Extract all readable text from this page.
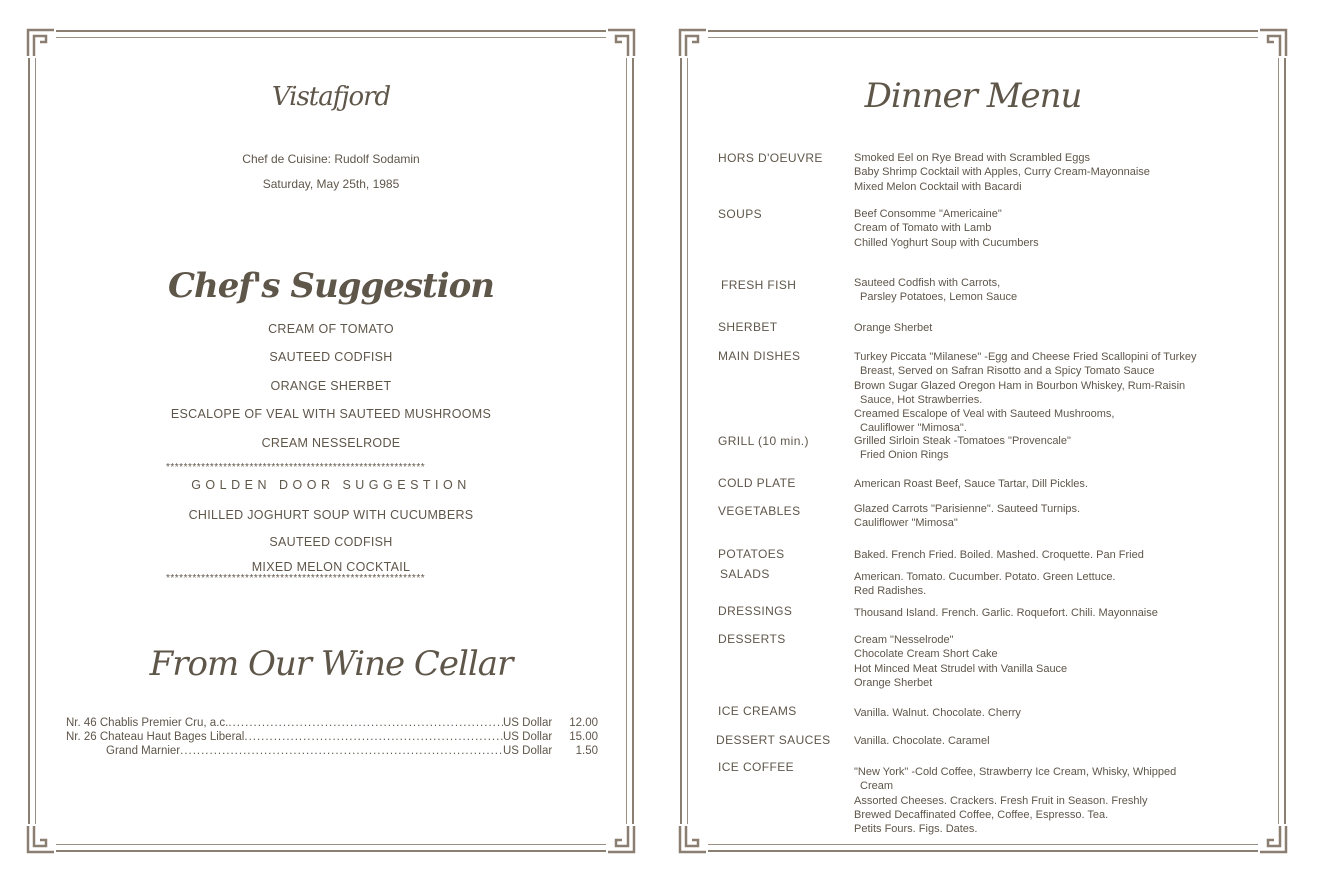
Vistafjord
Chef de Cuisine: Rudolf Sodamin
Saturday, May 25th, 1985
Chef's Suggestion
CREAM OF TOMATO
SAUTEED CODFISH
ORANGE SHERBET
ESCALOPE OF VEAL WITH SAUTEED MUSHROOMS
CREAM NESSELRODE
***********************************************************
GOLDEN DOOR SUGGESTION
CHILLED JOGHURT SOUP WITH CUCUMBERS
SAUTEED CODFISH
MIXED MELON COCKTAIL
***********************************************************
From Our Wine Cellar
Nr. 46 Chablis Premier Cru, a.c. .....	US Dollar 12.00
Nr. 26 Chateau Haut Bages Liberal .....	US Dollar 15.00
Grand Marnier .....	US Dollar 1.50
Dinner Menu
HORS D'OEUVRE	Smoked Eel on Rye Bread with Scrambled Eggs
Baby Shrimp Cocktail with Apples, Curry Cream-Mayonnaise
Mixed Melon Cocktail with Bacardi
SOUPS	Beef Consomme "Americaine"
Cream of Tomato with Lamb
Chilled Yoghurt Soup with Cucumbers
FRESH FISH	Sauteed Codfish with Carrots,
Parsley Potatoes, Lemon Sauce
SHERBET	Orange Sherbet
MAIN DISHES	Turkey Piccata "Milanese" -Egg and Cheese Fried Scallopini of Turkey
Breast, Served on Safran Risotto and a Spicy Tomato Sauce
Brown Sugar Glazed Oregon Ham in Bourbon Whiskey, Rum-Raisin
Sauce, Hot Strawberries.
Creamed Escalope of Veal with Sauteed Mushrooms,
Cauliflower "Mimosa".
GRILL (10 min.)	Grilled Sirloin Steak -Tomatoes "Provencale"
Fried Onion Rings
COLD PLATE	American Roast Beef, Sauce Tartar, Dill Pickles.
VEGETABLES	Glazed Carrots "Parisienne". Sauteed Turnips.
Cauliflower "Mimosa"
POTATOES	Baked. French Fried. Boiled. Mashed. Croquette. Pan Fried
SALADS	American. Tomato. Cucumber. Potato. Green Lettuce.
Red Radishes.
DRESSINGS	Thousand Island. French. Garlic. Roquefort. Chili. Mayonnaise
DESSERTS	Cream "Nesselrode"
Chocolate Cream Short Cake
Hot Minced Meat Strudel with Vanilla Sauce
Orange Sherbet
ICE CREAMS	Vanilla. Walnut. Chocolate. Cherry
DESSERT SAUCES Vanilla. Chocolate. Caramel
ICE COFFEE	"New York" -Cold Coffee, Strawberry Ice Cream, Whisky, Whipped
Cream
Assorted Cheeses. Crackers. Fresh Fruit in Season. Freshly
Brewed Decaffinated Coffee, Coffee, Espresso. Tea.
Petits Fours. Figs. Dates.
